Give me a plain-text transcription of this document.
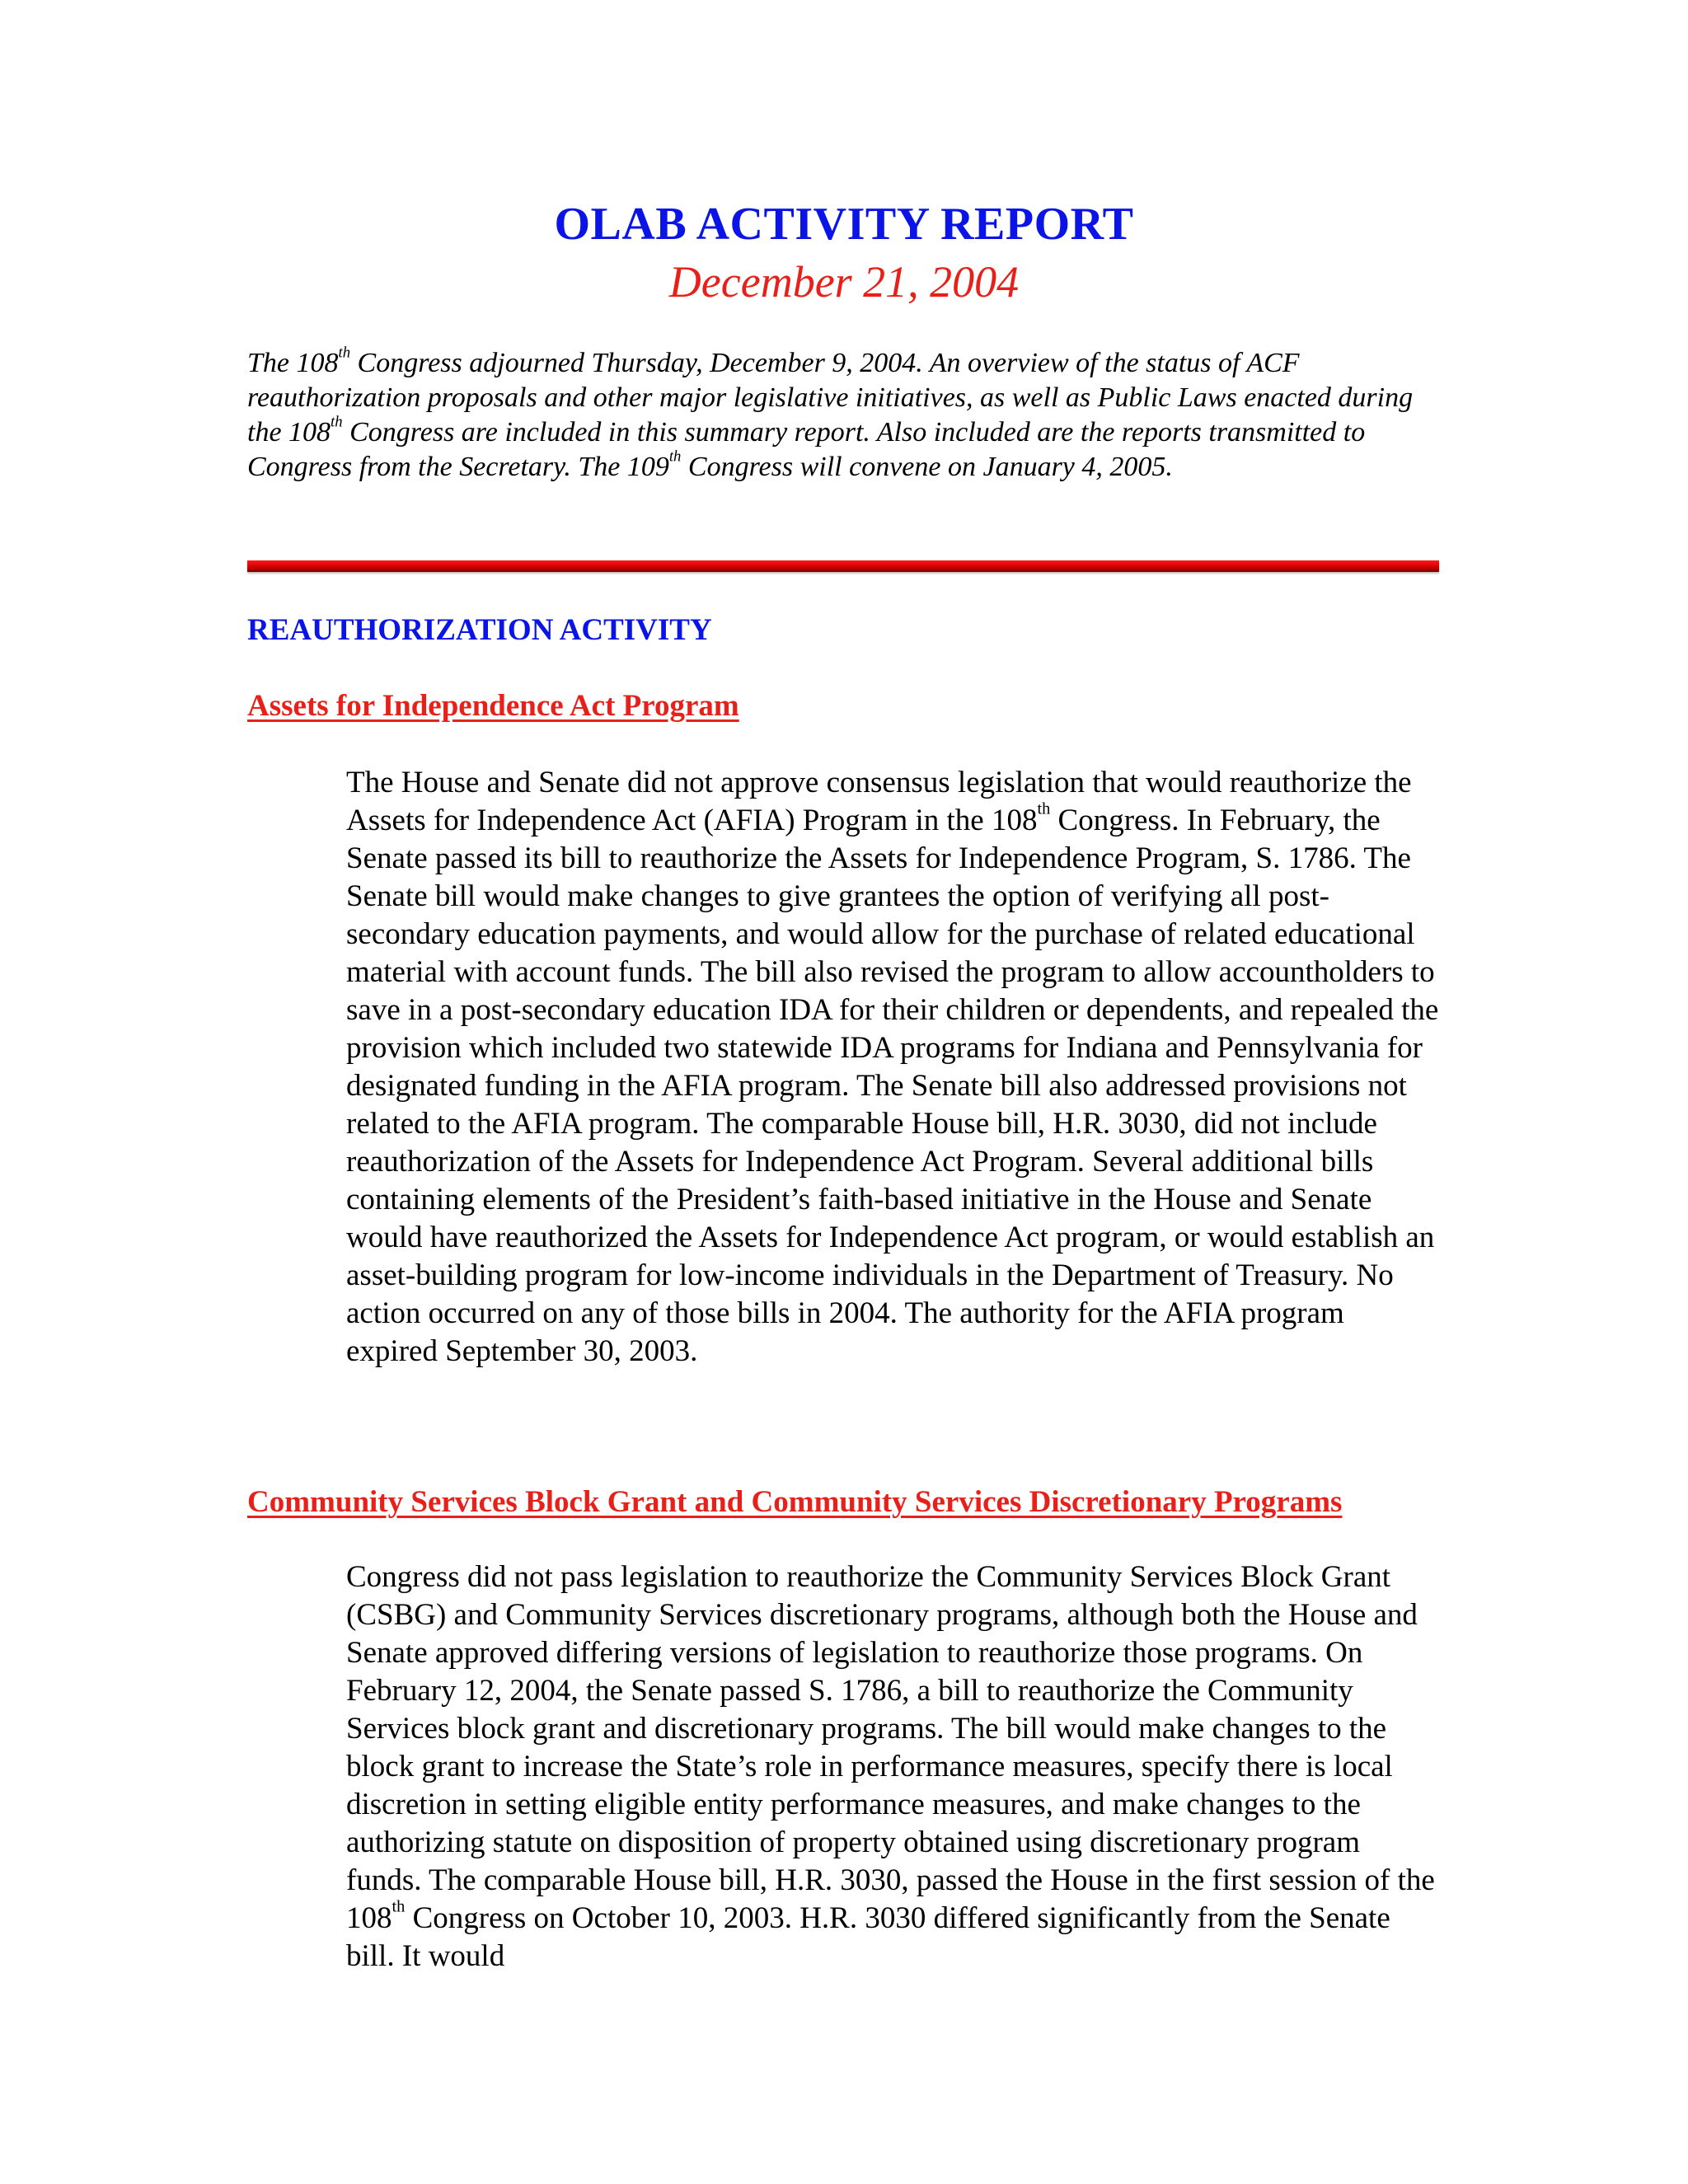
OLAB ACTIVITY REPORT
December 21, 2004

The 108th Congress adjourned Thursday, December 9, 2004. An overview of the status of ACF reauthorization proposals and other major legislative initiatives, as well as Public Laws enacted during the 108th Congress are included in this summary report. Also included are the reports transmitted to Congress from the Secretary. The 109th Congress will convene on January 4, 2005.

REAUTHORIZATION ACTIVITY
Assets for Independence Act Program

The House and Senate did not approve consensus legislation that would reauthorize the Assets for Independence Act (AFIA) Program in the 108th Congress. In February, the Senate passed its bill to reauthorize the Assets for Independence Program, S. 1786. The Senate bill would make changes to give grantees the option of verifying all post-secondary education payments, and would allow for the purchase of related educational material with account funds. The bill also revised the program to allow accountholders to save in a post-secondary education IDA for their children or dependents, and repealed the provision which included two statewide IDA programs for Indiana and Pennsylvania for designated funding in the AFIA program. The Senate bill also addressed provisions not related to the AFIA program. The comparable House bill, H.R. 3030, did not include reauthorization of the Assets for Independence Act Program. Several additional bills containing elements of the President’s faith-based initiative in the House and Senate would have reauthorized the Assets for Independence Act program, or would establish an asset-building program for low-income individuals in the Department of Treasury. No action occurred on any of those bills in 2004. The authority for the AFIA program expired September 30, 2003.

Community Services Block Grant and Community Services Discretionary Programs

Congress did not pass legislation to reauthorize the Community Services Block Grant (CSBG) and Community Services discretionary programs, although both the House and Senate approved differing versions of legislation to reauthorize those programs. On February 12, 2004, the Senate passed S. 1786, a bill to reauthorize the Community Services block grant and discretionary programs. The bill would make changes to the block grant to increase the State’s role in performance measures, specify there is local discretion in setting eligible entity performance measures, and make changes to the authorizing statute on disposition of property obtained using discretionary program funds. The comparable House bill, H.R. 3030, passed the House in the first session of the 108th Congress on October 10, 2003. H.R. 3030 differed significantly from the Senate bill. It would
